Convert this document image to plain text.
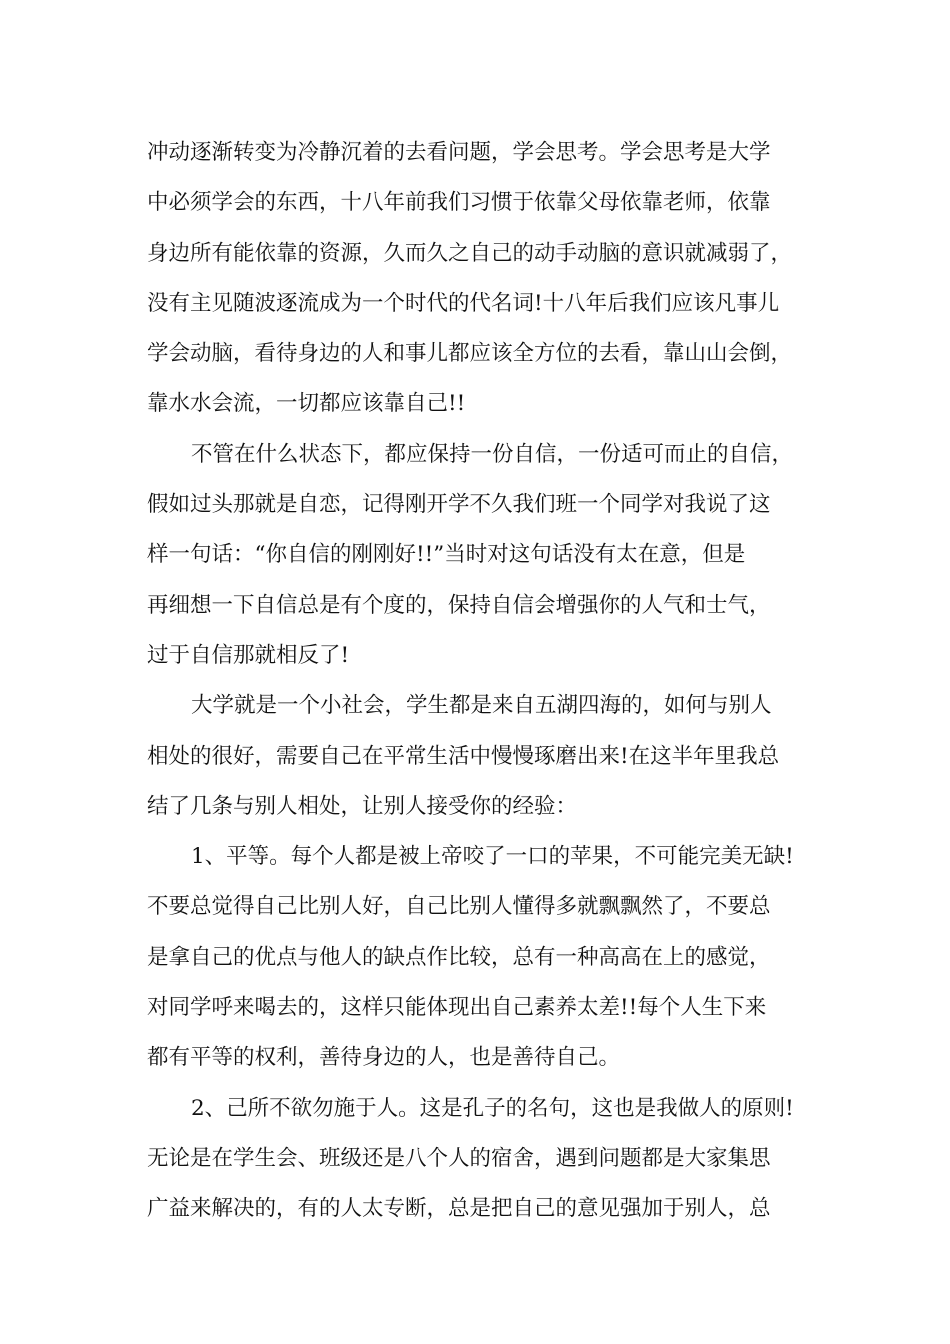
冲动逐渐转变为冷静沉着的去看问题，学会思考。学会思考是大学
中必须学会的东西，十八年前我们习惯于依靠父母依靠老师，依靠
身边所有能依靠的资源，久而久之自己的动手动脑的意识就减弱了，
没有主见随波逐流成为一个时代的代名词!十八年后我们应该凡事儿
学会动脑，看待身边的人和事儿都应该全方位的去看，靠山山会倒，
靠水水会流，一切都应该靠自己!!
不管在什么状态下，都应保持一份自信，一份适可而止的自信，
假如过头那就是自恋，记得刚开学不久我们班一个同学对我说了这
样一句话：“你自信的刚刚好!!”当时对这句话没有太在意，但是
再细想一下自信总是有个度的，保持自信会增强你的人气和士气，
过于自信那就相反了!
大学就是一个小社会，学生都是来自五湖四海的，如何与别人
相处的很好，需要自己在平常生活中慢慢琢磨出来!在这半年里我总
结了几条与别人相处，让别人接受你的经验：
1、平等。每个人都是被上帝咬了一口的苹果，不可能完美无缺!
不要总觉得自己比别人好，自己比别人懂得多就飘飘然了，不要总
是拿自己的优点与他人的缺点作比较，总有一种高高在上的感觉，
对同学呼来喝去的，这样只能体现出自己素养太差!!每个人生下来
都有平等的权利，善待身边的人，也是善待自己。
2、己所不欲勿施于人。这是孔子的名句，这也是我做人的原则!
无论是在学生会、班级还是八个人的宿舍，遇到问题都是大家集思
广益来解决的，有的人太专断，总是把自己的意见强加于别人，总
